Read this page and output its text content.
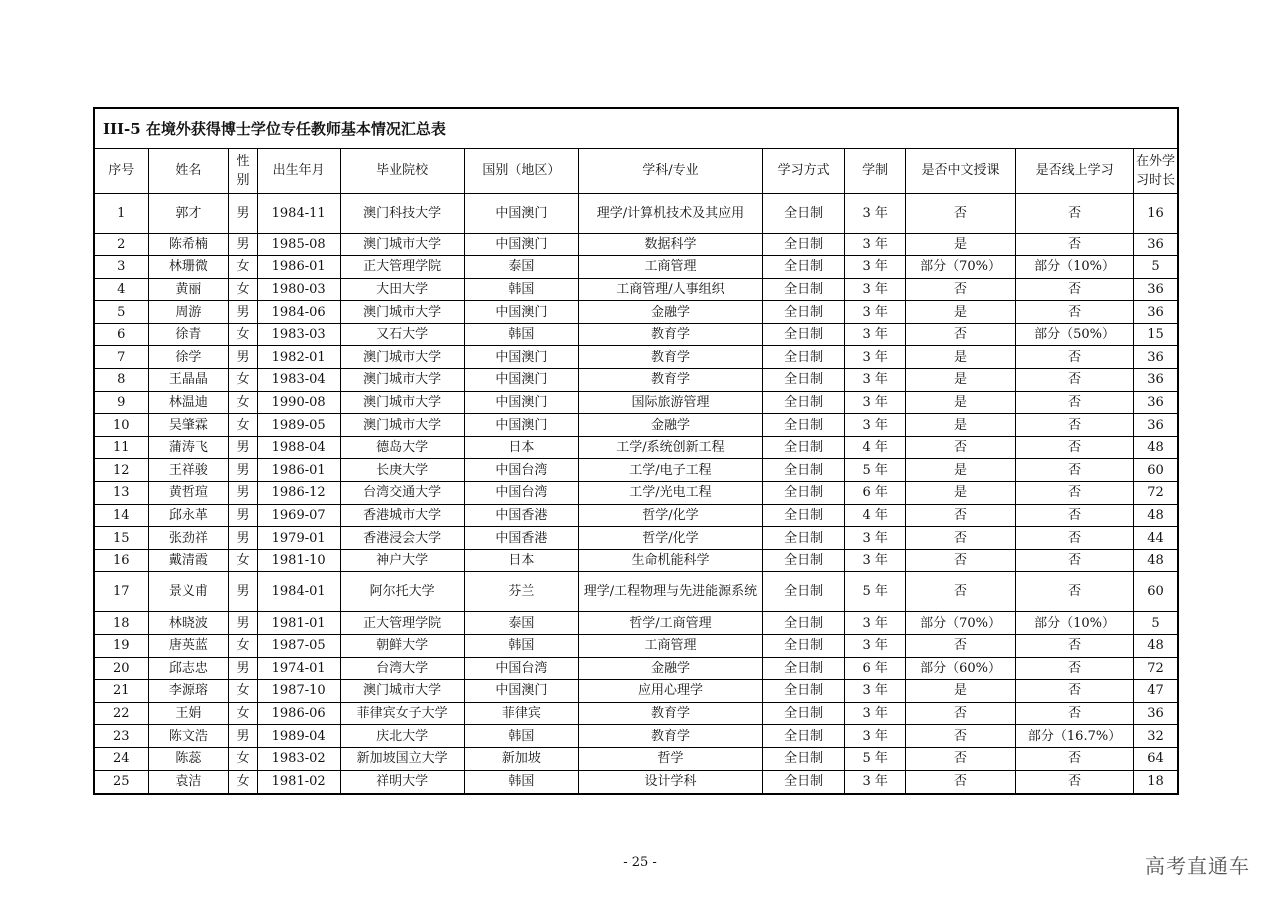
III-5 在境外获得博士学位专任教师基本情况汇总表
序号	姓名	性别	出生年月	毕业院校	国别（地区）	学科/专业	学习方式	学制	是否中文授课	是否线上学习	在外学习时长
1	郭才	男	1984-11	澳门科技大学	中国澳门	理学/计算机技术及其应用	全日制	3 年	否	否	16
2	陈希楠	男	1985-08	澳门城市大学	中国澳门	数据科学	全日制	3 年	是	否	36
3	林珊微	女	1986-01	正大管理学院	泰国	工商管理	全日制	3 年	部分（70%）	部分（10%）	5
4	黄丽	女	1980-03	大田大学	韩国	工商管理/人事组织	全日制	3 年	否	否	36
5	周游	男	1984-06	澳门城市大学	中国澳门	金融学	全日制	3 年	是	否	36
6	徐青	女	1983-03	又石大学	韩国	教育学	全日制	3 年	否	部分（50%）	15
7	徐学	男	1982-01	澳门城市大学	中国澳门	教育学	全日制	3 年	是	否	36
8	王晶晶	女	1983-04	澳门城市大学	中国澳门	教育学	全日制	3 年	是	否	36
9	林温迪	女	1990-08	澳门城市大学	中国澳门	国际旅游管理	全日制	3 年	是	否	36
10	吴肇霖	女	1989-05	澳门城市大学	中国澳门	金融学	全日制	3 年	是	否	36
11	蒲涛飞	男	1988-04	德岛大学	日本	工学/系统创新工程	全日制	4 年	否	否	48
12	王祥骏	男	1986-01	长庚大学	中国台湾	工学/电子工程	全日制	5 年	是	否	60
13	黄哲瑄	男	1986-12	台湾交通大学	中国台湾	工学/光电工程	全日制	6 年	是	否	72
14	邱永革	男	1969-07	香港城市大学	中国香港	哲学/化学	全日制	4 年	否	否	48
15	张劲祥	男	1979-01	香港浸会大学	中国香港	哲学/化学	全日制	3 年	否	否	44
16	戴清霞	女	1981-10	神户大学	日本	生命机能科学	全日制	3 年	否	否	48
17	景义甫	男	1984-01	阿尔托大学	芬兰	理学/工程物理与先进能源系统	全日制	5 年	否	否	60
18	林晓波	男	1981-01	正大管理学院	泰国	哲学/工商管理	全日制	3 年	部分（70%）	部分（10%）	5
19	唐英蓝	女	1987-05	朝鲜大学	韩国	工商管理	全日制	3 年	否	否	48
20	邱志忠	男	1974-01	台湾大学	中国台湾	金融学	全日制	6 年	部分（60%）	否	72
21	李源瑢	女	1987-10	澳门城市大学	中国澳门	应用心理学	全日制	3 年	是	否	47
22	王娟	女	1986-06	菲律宾女子大学	菲律宾	教育学	全日制	3 年	否	否	36
23	陈文浩	男	1989-04	庆北大学	韩国	教育学	全日制	3 年	否	部分（16.7%）	32
24	陈蕊	女	1983-02	新加坡国立大学	新加坡	哲学	全日制	5 年	否	否	64
25	袁洁	女	1981-02	祥明大学	韩国	设计学科	全日制	3 年	否	否	18
- 25 -	高考直通车
